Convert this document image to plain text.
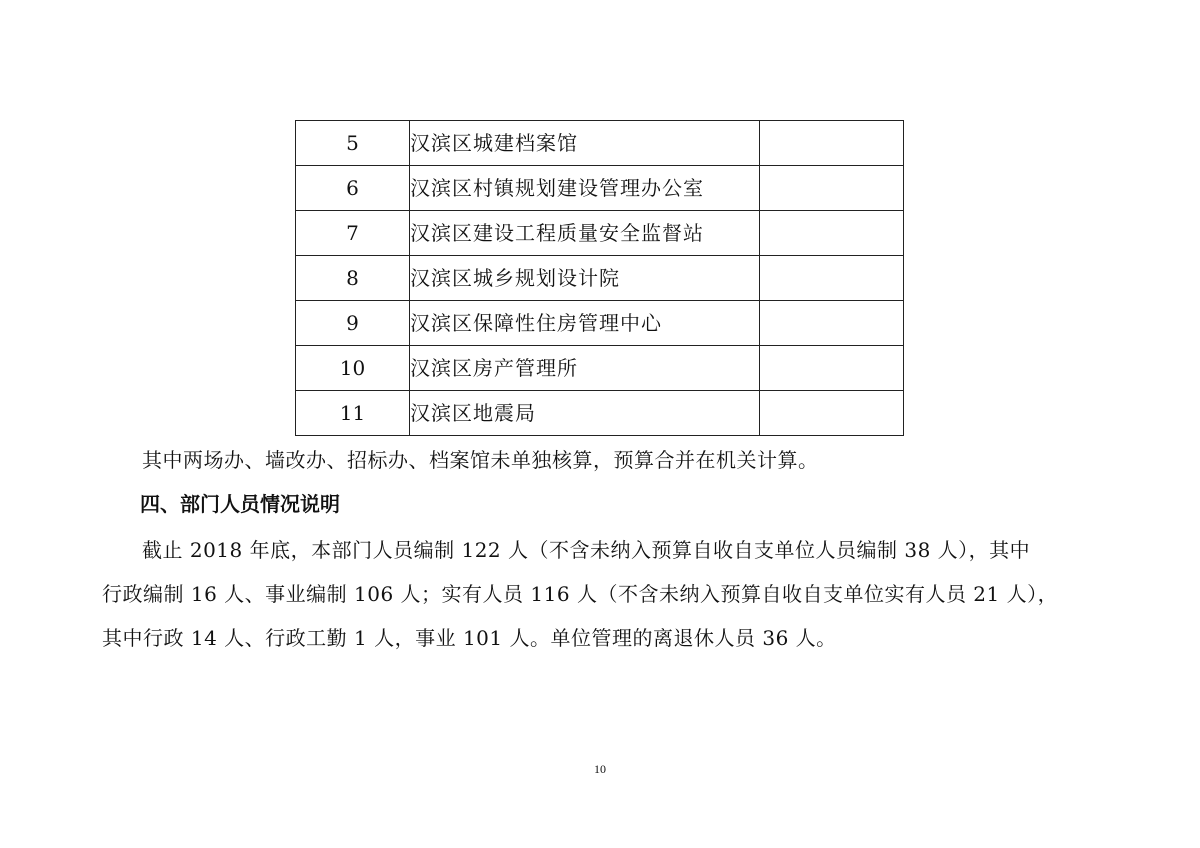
5	汉滨区城建档案馆	
6	汉滨区村镇规划建设管理办公室	
7	汉滨区建设工程质量安全监督站	
8	汉滨区城乡规划设计院	
9	汉滨区保障性住房管理中心	
10	汉滨区房产管理所	
11	汉滨区地震局	
其中两场办、墙改办、招标办、档案馆未单独核算，预算合并在机关计算。
四、部门人员情况说明
截止 2018 年底，本部门人员编制 122 人（不含未纳入预算自收自支单位人员编制 38 人），其中
行政编制 16 人、事业编制 106 人；实有人员 116 人（不含未纳入预算自收自支单位实有人员 21 人），
其中行政 14 人、行政工勤 1 人，事业 101 人。单位管理的离退休人员 36 人。
10
